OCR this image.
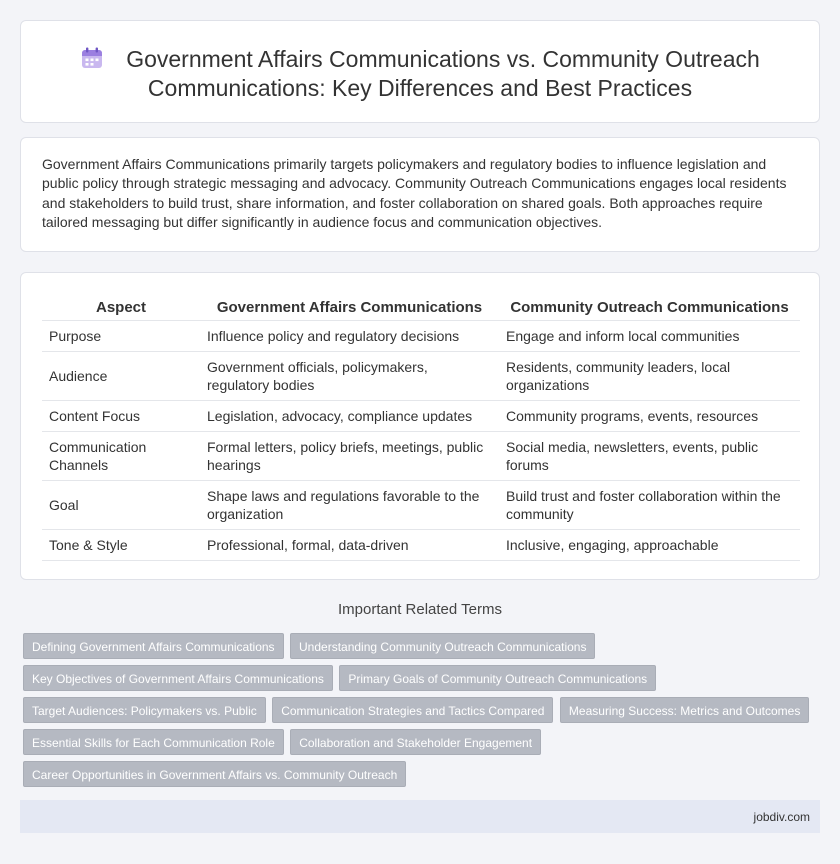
Government Affairs Communications vs. Community Outreach
Communications: Key Differences and Best Practices

Government Affairs Communications primarily targets policymakers and regulatory bodies to influence legislation and public policy through strategic messaging and advocacy. Community Outreach Communications engages local residents and stakeholders to build trust, share information, and foster collaboration on shared goals. Both approaches require tailored messaging but differ significantly in audience focus and communication objectives.

Aspect	Government Affairs Communications	Community Outreach Communications
Purpose	Influence policy and regulatory decisions	Engage and inform local communities
Audience	Government officials, policymakers, regulatory bodies	Residents, community leaders, local organizations
Content Focus	Legislation, advocacy, compliance updates	Community programs, events, resources
Communication Channels	Formal letters, policy briefs, meetings, public hearings	Social media, newsletters, events, public forums
Goal	Shape laws and regulations favorable to the organization	Build trust and foster collaboration within the community
Tone & Style	Professional, formal, data-driven	Inclusive, engaging, approachable
Important Related Terms
Defining Government Affairs Communications Understanding Community Outreach Communications
Key Objectives of Government Affairs Communications Primary Goals of Community Outreach Communications
Target Audiences: Policymakers vs. Public Communication Strategies and Tactics Compared Measuring Success: Metrics and Outcomes
Essential Skills for Each Communication Role Collaboration and Stakeholder Engagement
Career Opportunities in Government Affairs vs. Community Outreach
jobdiv.com
